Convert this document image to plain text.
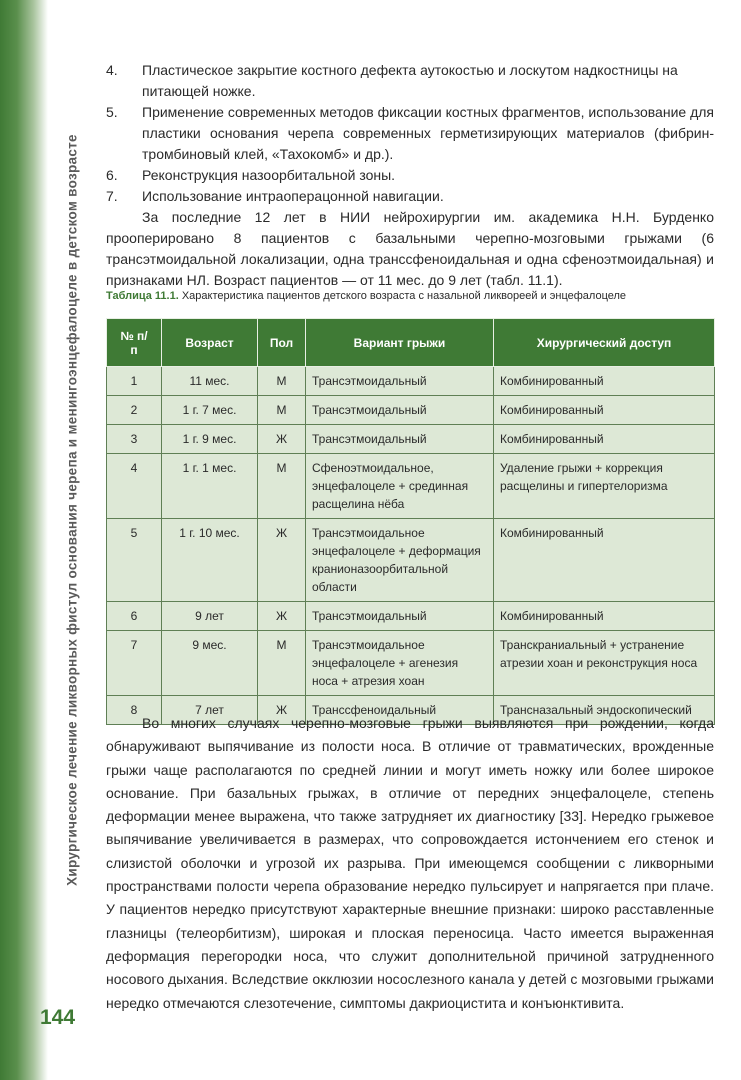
Хирургическое лечение ликворных фистул основания черепа и менингоэнцефалоцеле в детском возрасте
144
4.	Пластическое закрытие костного дефекта аутокостью и лоскутом надкостницы на питающей ножке.
5.	Применение современных методов фиксации костных фрагментов, использование для пластики основания черепа современных герметизирующих материалов (фибрин-тромбиновый клей, «Тахокомб» и др.).
6.	Реконструкция назоорбитальной зоны.
7.	Использование интраоперацонной навигации.

За последние 12 лет в НИИ нейрохирургии им. академика Н.Н. Бурденко прооперировано 8 пациентов с базальными черепно-мозговыми грыжами (6 трансэтмоидальной локализации, одна транссфеноидальная и одна сфеноэтмоидальная) и признаками НЛ. Возраст пациентов — от 11 мес. до 9 лет (табл. 11.1).

Таблица 11.1. Характеристика пациентов детского возраста с назальной ликвореей и энцефалоцеле
№ п/п	Возраст	Пол	Вариант грыжи	Хирургический доступ
1	11 мес.	М	Трансэтмоидальный	Комбинированный
2	1 г. 7 мес.	М	Трансэтмоидальный	Комбинированный
3	1 г. 9 мес.	Ж	Трансэтмоидальный	Комбинированный
4	1 г. 1 мес.	М	Сфеноэтмоидальное, энцефалоцеле + срединная расщелина нёба	Удаление грыжи + коррекция расщелины и гипертелоризма
5	1 г. 10 мес.	Ж	Трансэтмоидальное энцефалоцеле + деформация кранионазоорбитальной области	Комбинированный
6	9 лет	Ж	Трансэтмоидальный	Комбинированный
7	9 мес.	М	Трансэтмоидальное энцефалоцеле + агенезия носа + атрезия хоан	Транскраниальный + устранение атрезии хоан и реконструкция носа
8	7 лет	Ж	Транссфеноидальный	Трансназальный эндоскопический

Во многих случаях черепно-мозговые грыжи выявляются при рождении, когда обнаруживают выпячивание из полости носа. В отличие от травматических, врожденные грыжи чаще располагаются по средней линии и могут иметь ножку или более широкое основание. При базальных грыжах, в отличие от передних энцефалоцеле, степень деформации менее выражена, что также затрудняет их диагностику [33]. Нередко грыжевое выпячивание увеличивается в размерах, что сопровождается истончением его стенок и слизистой оболочки и угрозой их разрыва. При имеющемся сообщении с ликворными пространствами полости черепа образование нередко пульсирует и напрягается при плаче. У пациентов нередко присутствуют характерные внешние признаки: широко расставленные глазницы (телеорбитизм), широкая и плоская переносица. Часто имеется выраженная деформация перегородки носа, что служит дополнительной причиной затрудненного носового дыхания. Вследствие окклюзии носослезного канала у детей с мозговыми грыжами нередко отмечаются слезотечение, симптомы дакриоцистита и конъюнктивита.
